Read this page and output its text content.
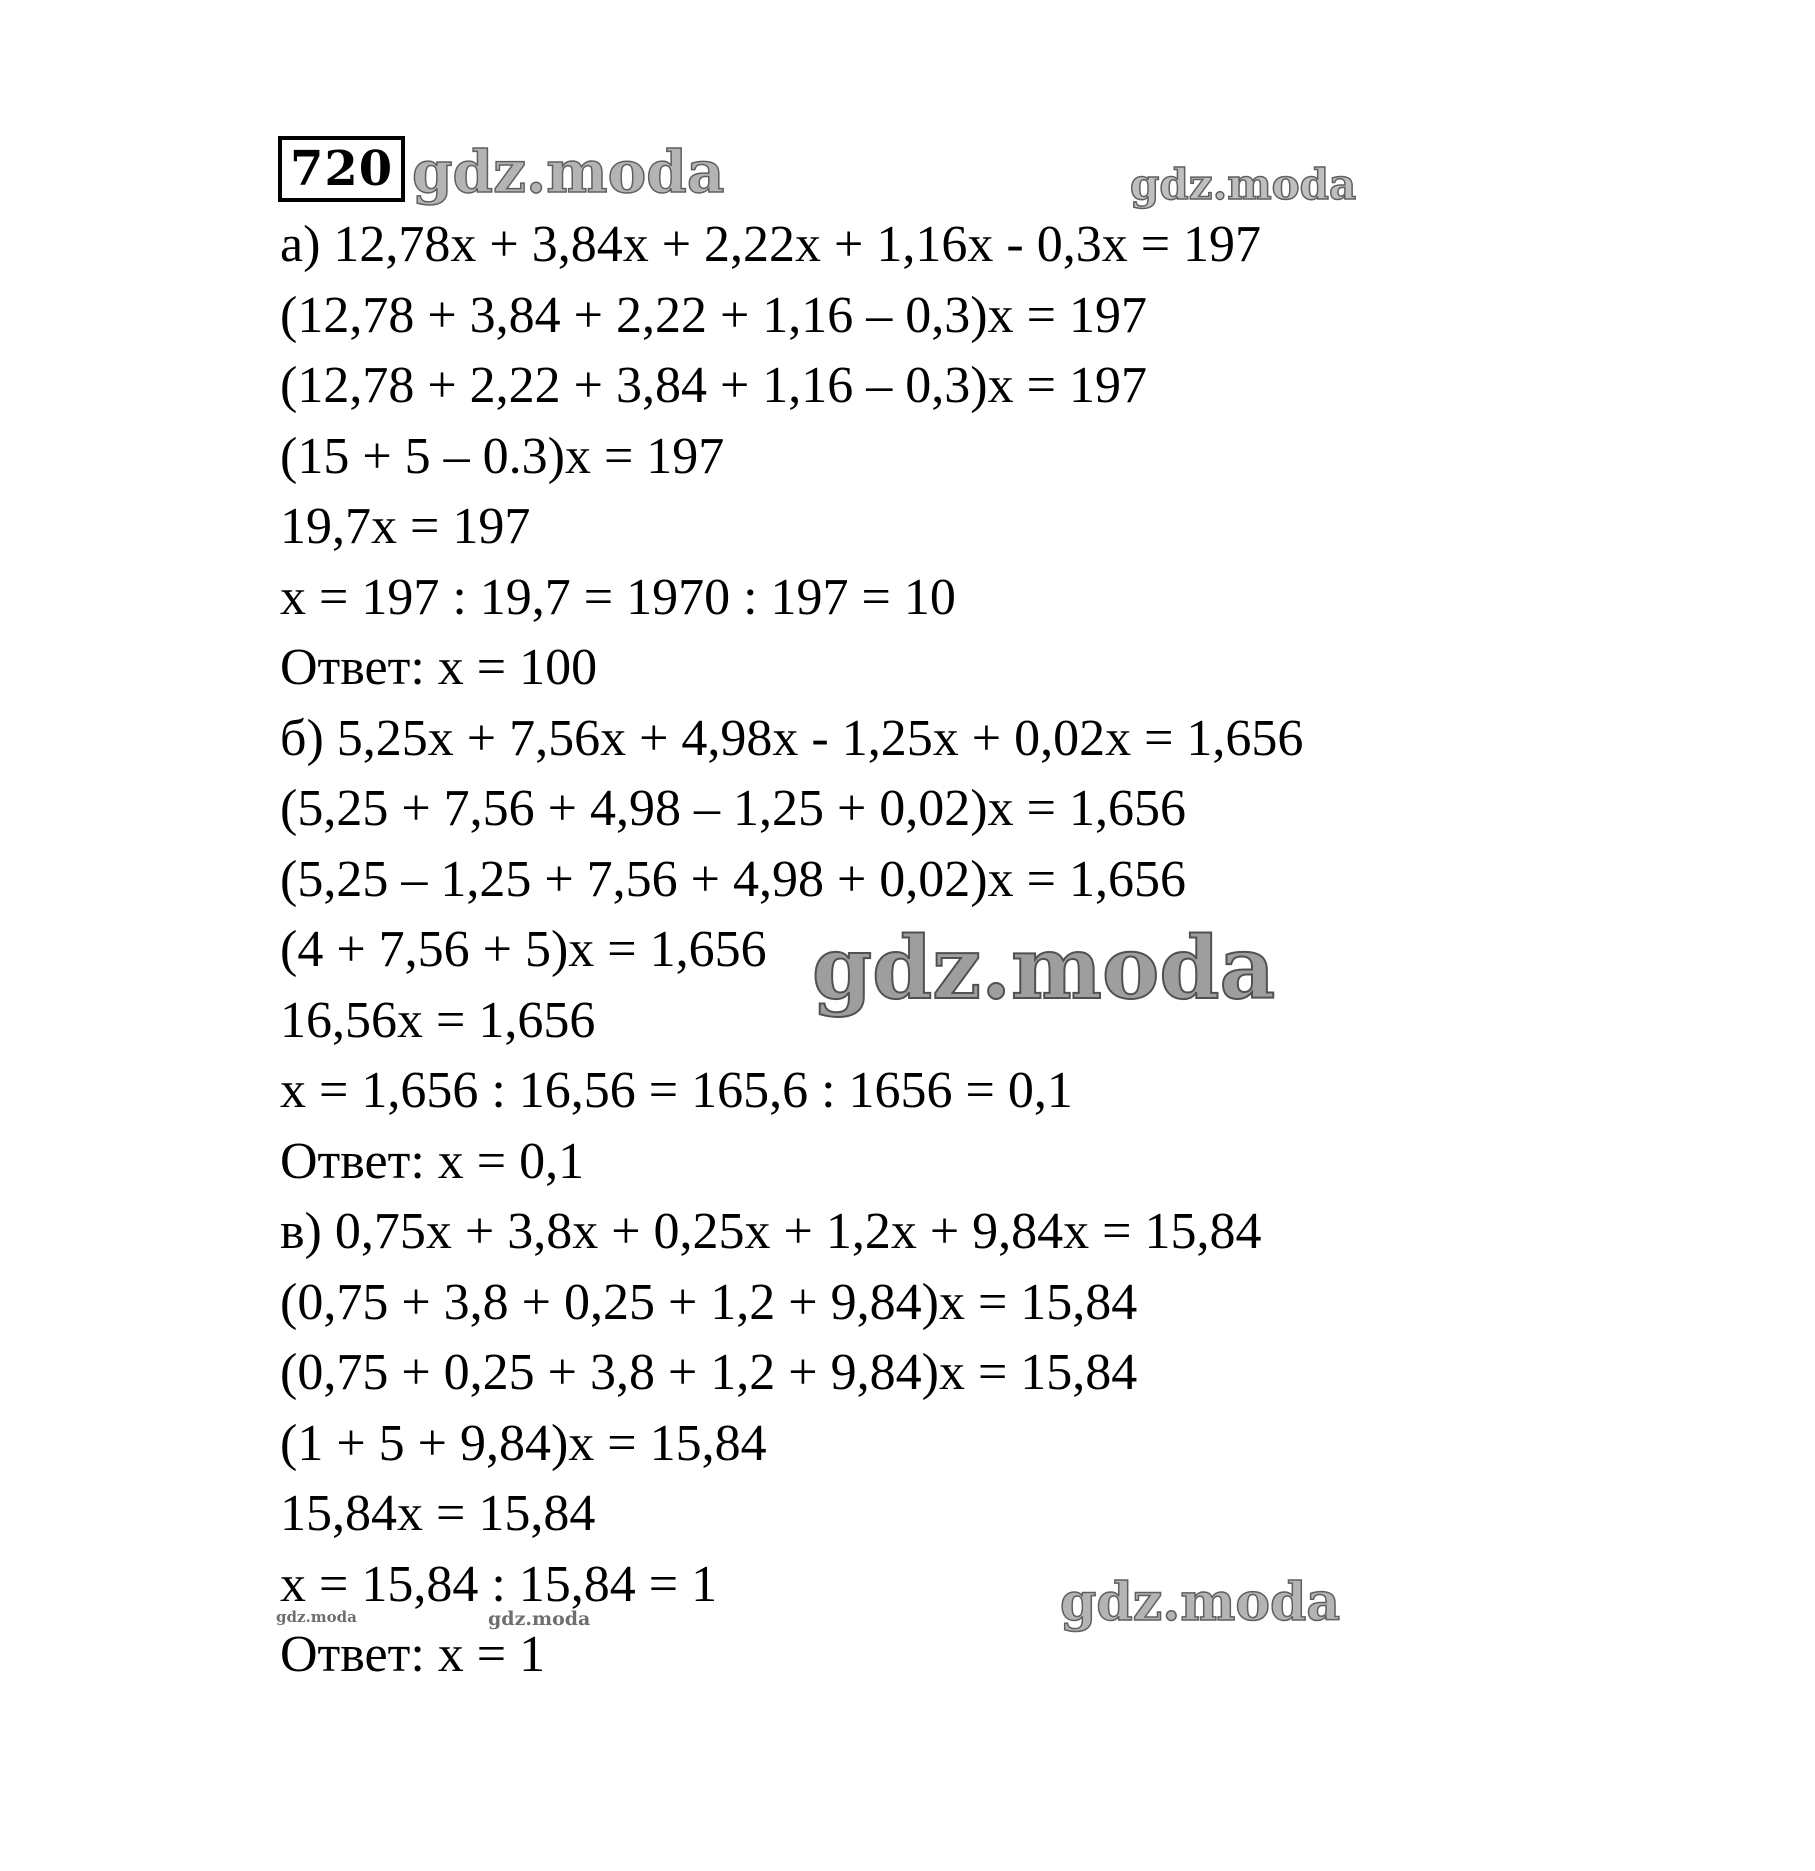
720
а) 12,78x + 3,84x + 2,22x + 1,16x - 0,3x = 197
(12,78 + 3,84 + 2,22 + 1,16 – 0,3)x = 197
(12,78 + 2,22 + 3,84 + 1,16 – 0,3)x = 197
(15 + 5 – 0.3)x = 197
19,7x = 197
x = 197 : 19,7 = 1970 : 197 = 10
Ответ: x = 100
б) 5,25x + 7,56x + 4,98x - 1,25x + 0,02x = 1,656
(5,25 + 7,56 + 4,98 – 1,25 + 0,02)x = 1,656
(5,25 – 1,25 + 7,56 + 4,98 + 0,02)x = 1,656
(4 + 7,56 + 5)x = 1,656
16,56x = 1,656
x = 1,656 : 16,56 = 165,6 : 1656 = 0,1
Ответ: x = 0,1
в) 0,75x + 3,8x + 0,25x + 1,2x + 9,84x = 15,84
(0,75 + 3,8 + 0,25 + 1,2 + 9,84)x = 15,84
(0,75 + 0,25 + 3,8 + 1,2 + 9,84)x = 15,84
(1 + 5 + 9,84)x = 15,84
15,84x = 15,84
x = 15,84 : 15,84 = 1
Ответ: x = 1
gdz.moda	gdz.moda
gdz.moda
gdz.moda
gdz.moda	gdz.moda
